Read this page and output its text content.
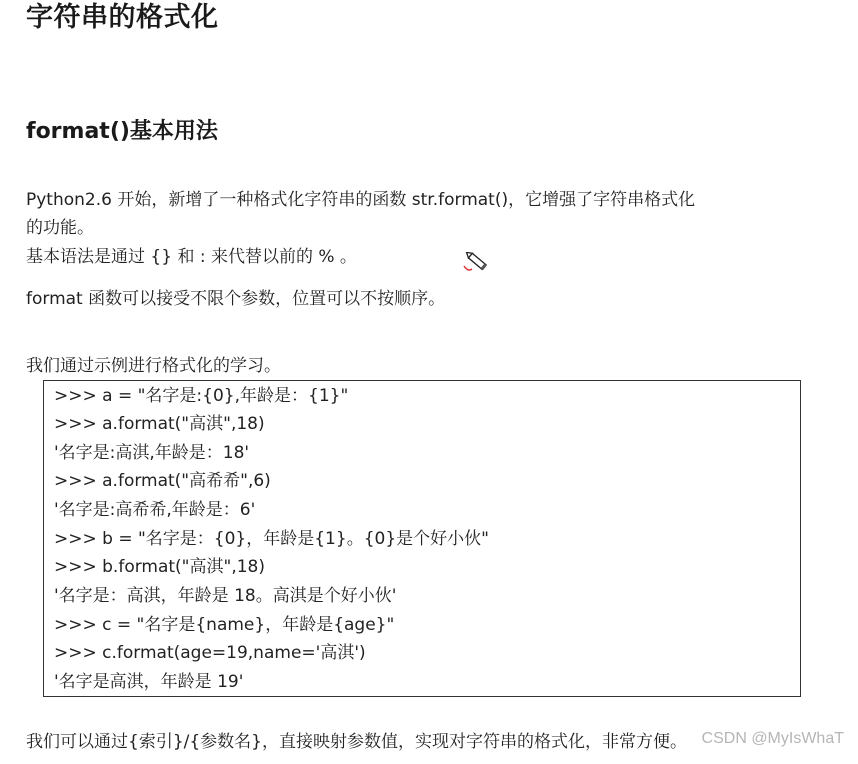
字符串的格式化
format()基本用法
Python2.6 开始，新增了一种格式化字符串的函数 str.format()，它增强了字符串格式化
的功能。
基本语法是通过 {} 和 : 来代替以前的 % 。
format 函数可以接受不限个参数，位置可以不按顺序。
我们通过示例进行格式化的学习。
>>> a = "名字是:{0},年龄是：{1}"
>>> a.format("高淇",18)
'名字是:高淇,年龄是：18'
>>> a.format("高希希",6)
'名字是:高希希,年龄是：6'
>>> b = "名字是：{0}，年龄是{1}。{0}是个好小伙"
>>> b.format("高淇",18)
'名字是：高淇，年龄是 18。高淇是个好小伙'
>>> c = "名字是{name}，年龄是{age}"
>>> c.format(age=19,name='高淇')
'名字是高淇，年龄是 19'
我们可以通过{索引}/{参数名}，直接映射参数值，实现对字符串的格式化，非常方便。 CSDN @MyIsWhaT
